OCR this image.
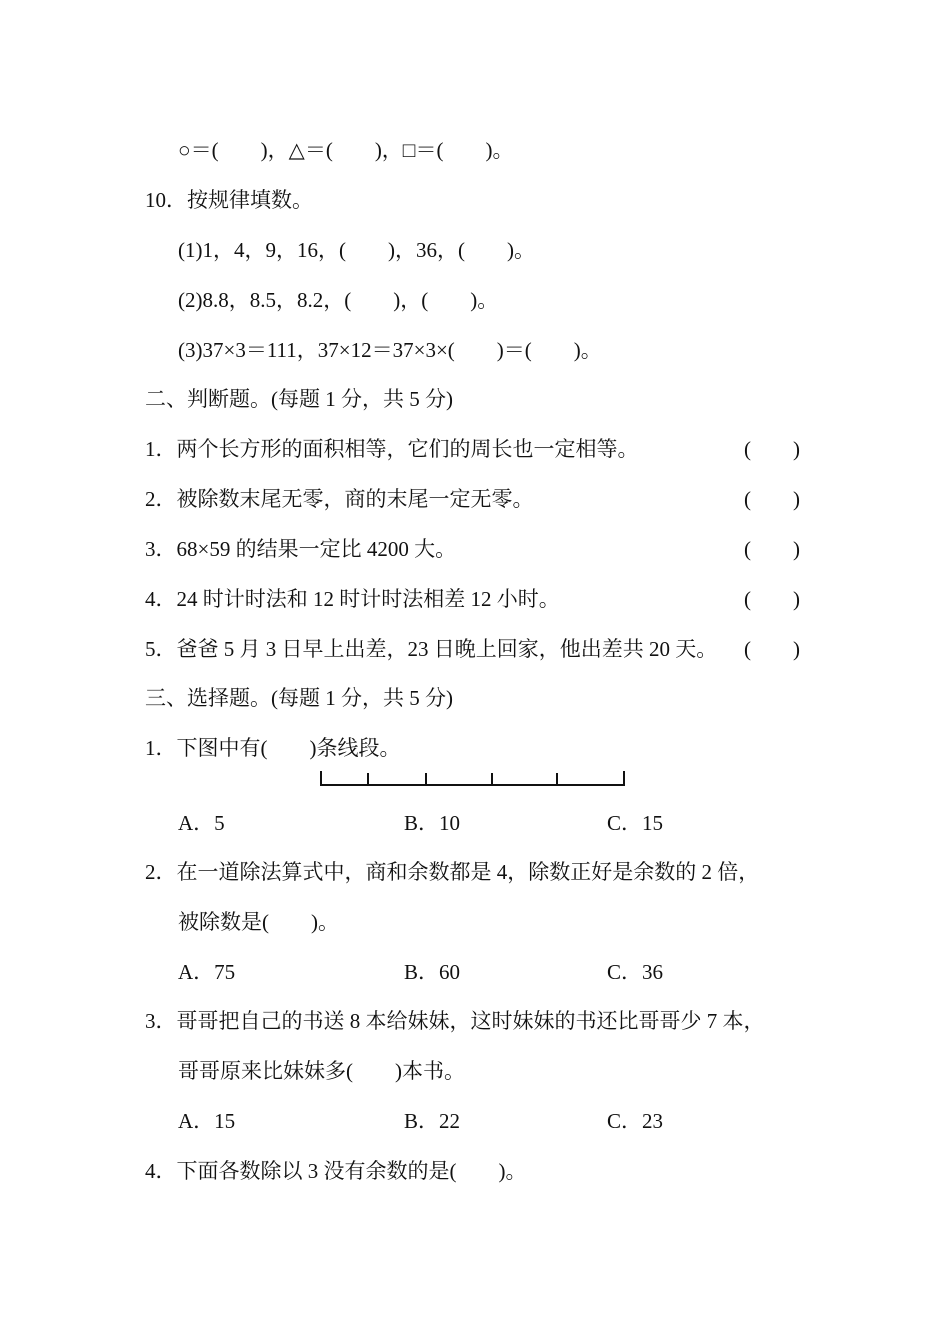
○＝(　　)，△＝(　　)，□＝(　　)。
10．按规律填数。
(1)1，4，9，16，(　　)，36，(　　)。
(2)8.8，8.5，8.2，(　　)，(　　)。
(3)37×3＝111，37×12＝37×3×(　　)＝(　　)。
二、判断题。(每题 1 分，共 5 分)
1．两个长方形的面积相等，它们的周长也一定相等。	(　　)
2．被除数末尾无零，商的末尾一定无零。	(　　)
3．68×59 的结果一定比 4200 大。	(　　)
4．24 时计时法和 12 时计时法相差 12 小时。	(　　)
5．爸爸 5 月 3 日早上出差，23 日晚上回家，他出差共 20 天。 (　　)
三、选择题。(每题 1 分，共 5 分)
1．下图中有(　　)条线段。
A．5	B．10	C．15
2．在一道除法算式中，商和余数都是 4，除数正好是余数的 2 倍，
被除数是(　　)。
A．75	B．60	C．36
3．哥哥把自己的书送 8 本给妹妹，这时妹妹的书还比哥哥少 7 本，
哥哥原来比妹妹多(　　)本书。
A．15	B．22	C．23
4．下面各数除以 3 没有余数的是(　　)。
